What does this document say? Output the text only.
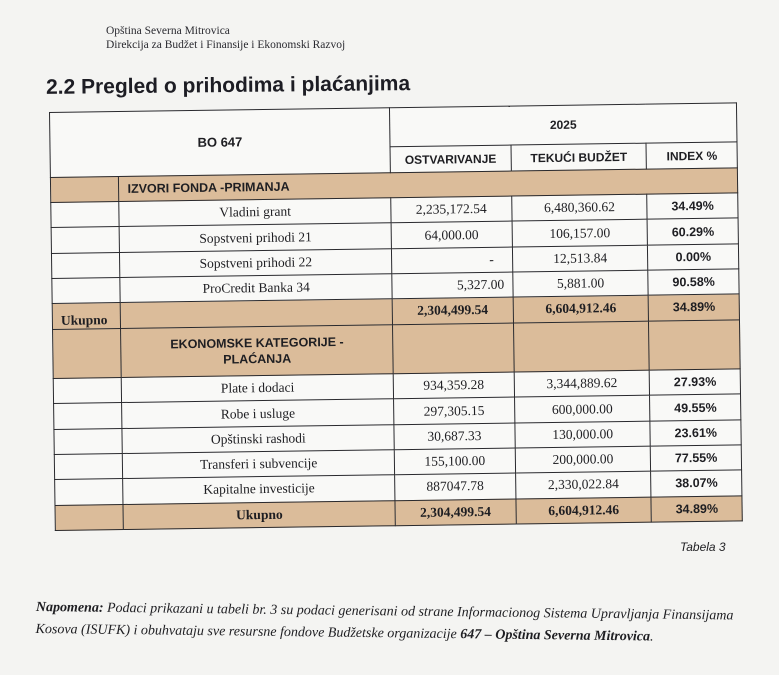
Opština Severna Mitrovica
Direkcija za Budžet i Finansije i Ekonomski Razvoj
2.2 Pregled o prihodima i plaćanjima
BO 647		2025		
		OSTVARIVANJE	TEKUĆI BUDŽET	INDEX %
	IZVORI FONDA -PRIMANJA			
	Vladini grant	2,235,172.54	6,480,360.62	34.49%
	Sopstveni prihodi 21	64,000.00	106,157.00	60.29%
	Sopstveni prihodi 22	-	12,513.84	0.00%
	ProCredit Banka 34	5,327.00	5,881.00	90.58%
Ukupno		2,304,499.54	6,604,912.46	34.89%

	EKONOMSKE KATEGORIJE -
PLAĆANJA			

	Plate i dodaci	934,359.28	3,344,889.62	27.93%
	Robe i usluge	297,305.15	600,000.00	49.55%
	Opštinski rashodi	30,687.33	130,000.00	23.61%
	Transferi i subvencije	155,100.00	200,000.00	77.55%
	Kapitalne investicije	887047.78	2,330,022.84	38.07%
	Ukupno	2,304,499.54	6,604,912.46	34.89%
Tabela 3
Napomena: Podaci prikazani u tabeli br. 3 su podaci generisani od strane Informacionog Sistema Upravljanja Finansijama Kosova (ISUFK) i obuhvataju sve resursne fondove Budžetske organizacije 647 – Opština Severna Mitrovica.
